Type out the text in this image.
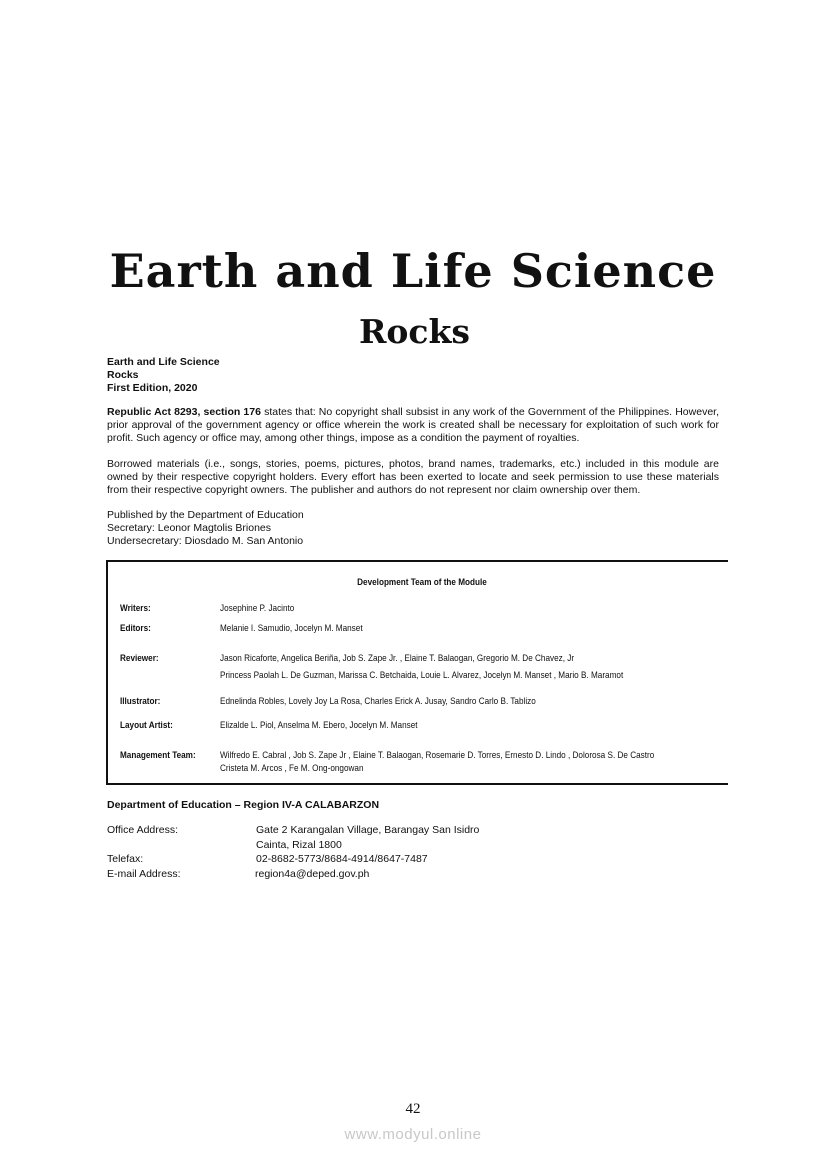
Earth and Life Science
Rocks
Earth and Life Science
Rocks
First Edition, 2020
Republic Act 8293, section 176 states that: No copyright shall subsist in any work of the Government of the Philippines. However, prior approval of the government agency or office wherein the work is created shall be necessary for exploitation of such work for profit. Such agency or office may, among other things, impose as a condition the payment of royalties.
Borrowed materials (i.e., songs, stories, poems, pictures, photos, brand names, trademarks, etc.) included in this module are owned by their respective copyright holders. Every effort has been exerted to locate and seek permission to use these materials from their respective copyright owners. The publisher and authors do not represent nor claim ownership over them.
Published by the Department of Education
Secretary: Leonor Magtolis Briones
Undersecretary: Diosdado M. San Antonio
Development Team of the Module
Writers:	Josephine P. Jacinto
Editors:	Melanie I. Samudio, Jocelyn M. Manset
Reviewer:	Jason Ricaforte, Angelica Beriña, Job S. Zape Jr. , Elaine T. Balaogan, Gregorio M. De Chavez, Jr
Princess Paolah L. De Guzman, Marissa C. Betchaida, Louie L. Alvarez, Jocelyn M. Manset , Mario B. Maramot
Illustrator:	Ednelinda Robles, Lovely Joy La Rosa, Charles Erick A. Jusay, Sandro Carlo B. Tablizo
Layout Artist:	Elizalde L. Piol, Anselma M. Ebero, Jocelyn M. Manset
Management Team:	Wilfredo E. Cabral , Job S. Zape Jr , Elaine T. Balaogan, Rosemarie D. Torres, Ernesto D. Lindo , Dolorosa S. De Castro
Cristeta M. Arcos , Fe M. Ong-ongowan
Department of Education – Region IV-A CALABARZON
Office Address:	Gate 2 Karangalan Village, Barangay San Isidro
Cainta, Rizal 1800
Telefax:	02-8682-5773/8684-4914/8647-7487
E-mail Address:	region4a@deped.gov.ph
42
www.modyul.online
